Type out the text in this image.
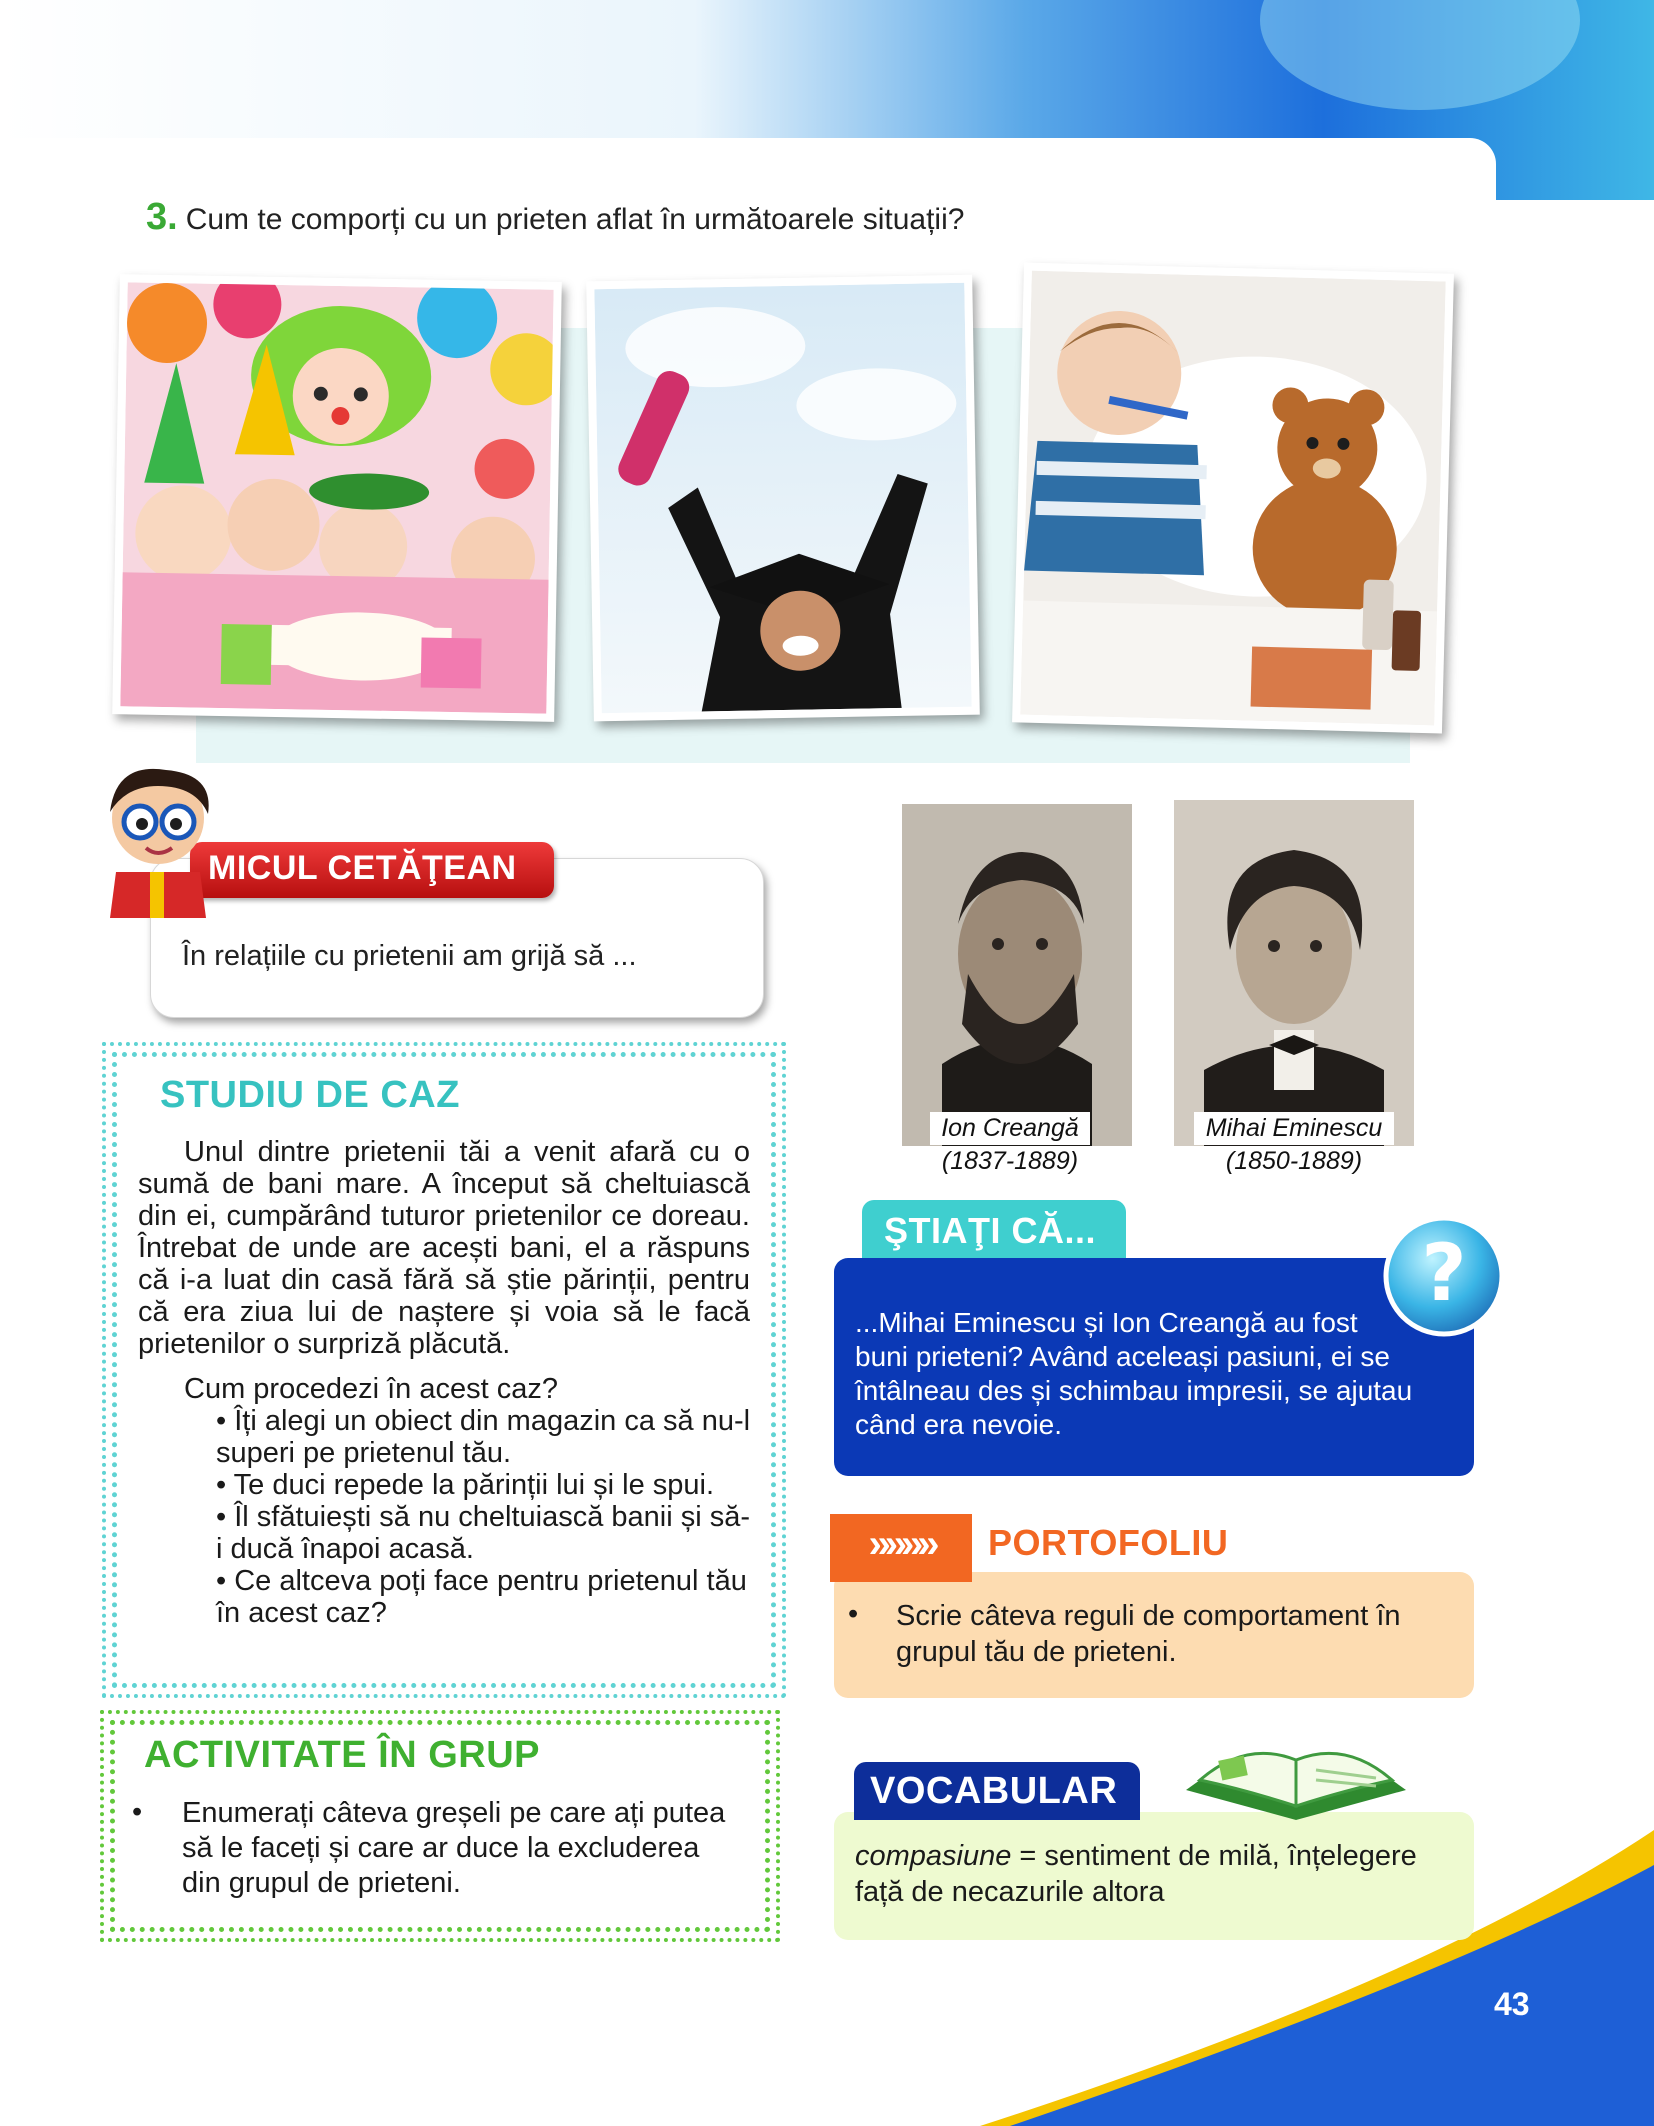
3. Cum te comporți cu un prieten aflat în următoarele situații?
În relațiile cu prietenii am grijă să ...
MICUL CETĂŢEAN
STUDIU DE CAZ

Unul dintre prietenii tăi a venit afară cu o sumă de bani mare. A început să cheltuiască din ei, cumpărând tuturor prietenilor ce doreau. Întrebat de unde are acești bani, el a răspuns că i-a luat din casă fără să știe părinții, pentru că era ziua lui de naștere și voia să le facă prietenilor o surpriză plăcută.

Cum procedezi în acest caz?
• Îți alegi un obiect din magazin ca să nu-l superi pe prietenul tău.
• Te duci repede la părinții lui și le spui.
• Îl sfătuiești să nu cheltuiască banii și să-i ducă înapoi acasă.
• Ce altceva poți face pentru prietenul tău în acest caz?
ACTIVITATE ÎN GRUP
• Enumerați câteva greșeli pe care ați putea să le faceți și care ar duce la excluderea din grupul de prieteni.
Ion Creangă
(1837-1889)
Mihai Eminescu
(1850-1889)
ŞTIAŢI CĂ...
...Mihai Eminescu și Ion Creangă au fost buni prieteni? Având aceleași pasiuni, ei se întâlneau des și schimbau impresii, se ajutau când era nevoie.
?
»»»»	PORTOFOLIU
• Scrie câteva reguli de comportament în grupul tău de prieteni.
VOCABULAR
compasiune = sentiment de milă, înțelegere față de necazurile altora
43
